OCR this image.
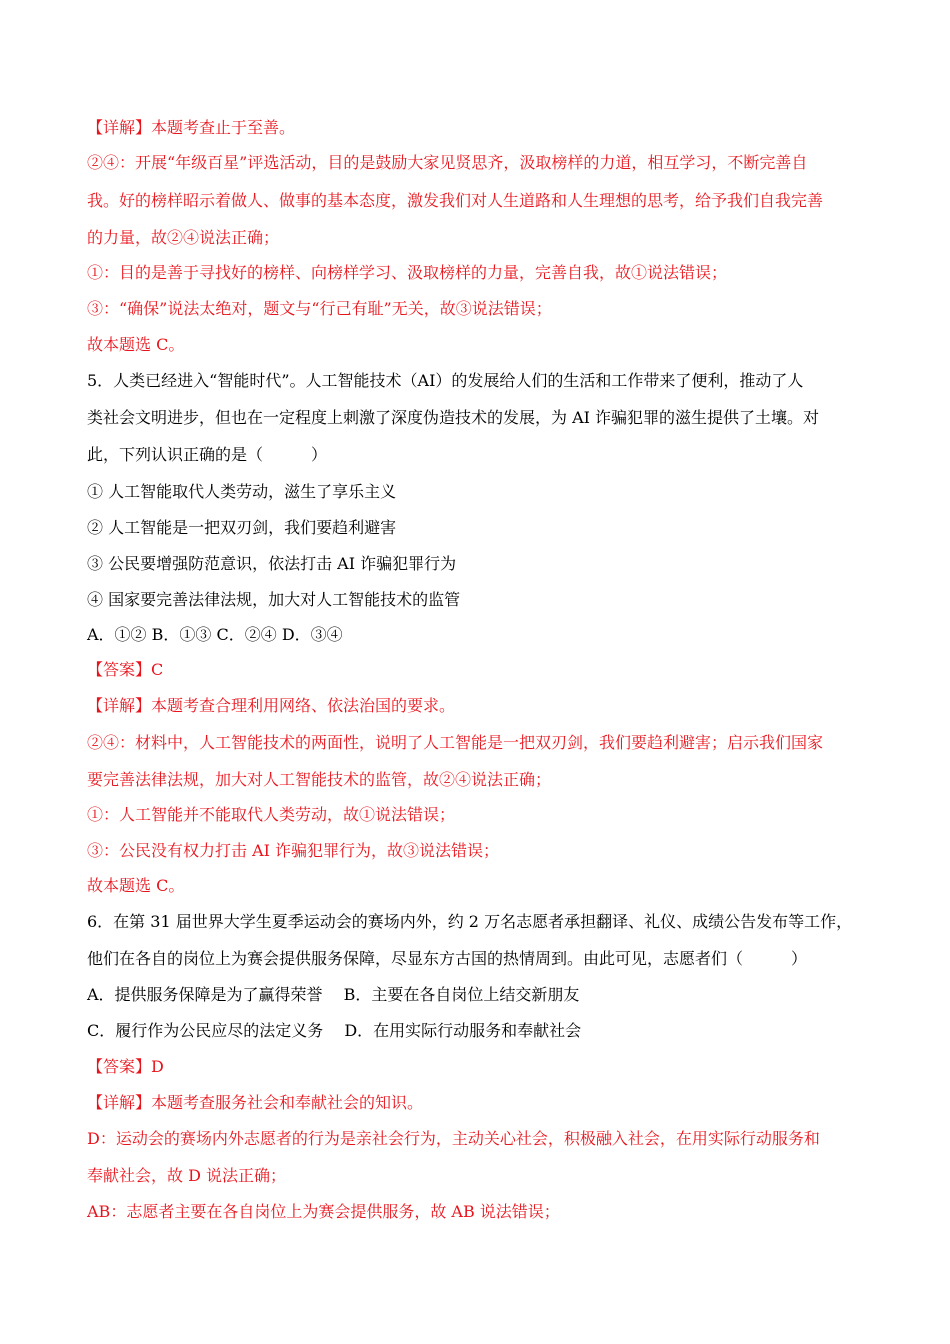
【详解】本题考查止于至善。
②④：开展“年级百星”评选活动，目的是鼓励大家见贤思齐，汲取榜样的力道，相互学习，不断完善自
我。好的榜样昭示着做人、做事的基本态度，激发我们对人生道路和人生理想的思考，给予我们自我完善
的力量，故②④说法正确；
①：目的是善于寻找好的榜样、向榜样学习、汲取榜样的力量，完善自我，故①说法错误；
③：“确保”说法太绝对，题文与“行己有耻”无关，故③说法错误；
故本题选 C。
5．人类已经进入“智能时代”。人工智能技术（AI）的发展给人们的生活和工作带来了便利，推动了人
类社会文明进步，但也在一定程度上刺激了深度伪造技术的发展，为 AI 诈骗犯罪的滋生提供了土壤。对
此，下列认识正确的是（　　　）
① 人工智能取代人类劳动，滋生了享乐主义
② 人工智能是一把双刃剑，我们要趋利避害
③ 公民要增强防范意识，依法打击 AI 诈骗犯罪行为
④ 国家要完善法律法规，加大对人工智能技术的监管
A．①② B．①③ C．②④ D．③④
【答案】C
【详解】本题考查合理利用网络、依法治国的要求。
②④：材料中，人工智能技术的两面性，说明了人工智能是一把双刃剑，我们要趋利避害；启示我们国家
要完善法律法规，加大对人工智能技术的监管，故②④说法正确；
①：人工智能并不能取代人类劳动，故①说法错误；
③：公民没有权力打击 AI 诈骗犯罪行为，故③说法错误；
故本题选 C。
6．在第 31 届世界大学生夏季运动会的赛场内外，约 2 万名志愿者承担翻译、礼仪、成绩公告发布等工作，
他们在各自的岗位上为赛会提供服务保障，尽显东方古国的热情周到。由此可见，志愿者们（　　　）
A．提供服务保障是为了赢得荣誉　 B．主要在各自岗位上结交新朋友
C．履行作为公民应尽的法定义务　 D．在用实际行动服务和奉献社会
【答案】D
【详解】本题考查服务社会和奉献社会的知识。
D：运动会的赛场内外志愿者的行为是亲社会行为，主动关心社会，积极融入社会，在用实际行动服务和
奉献社会，故 D 说法正确；
AB：志愿者主要在各自岗位上为赛会提供服务，故 AB 说法错误；
